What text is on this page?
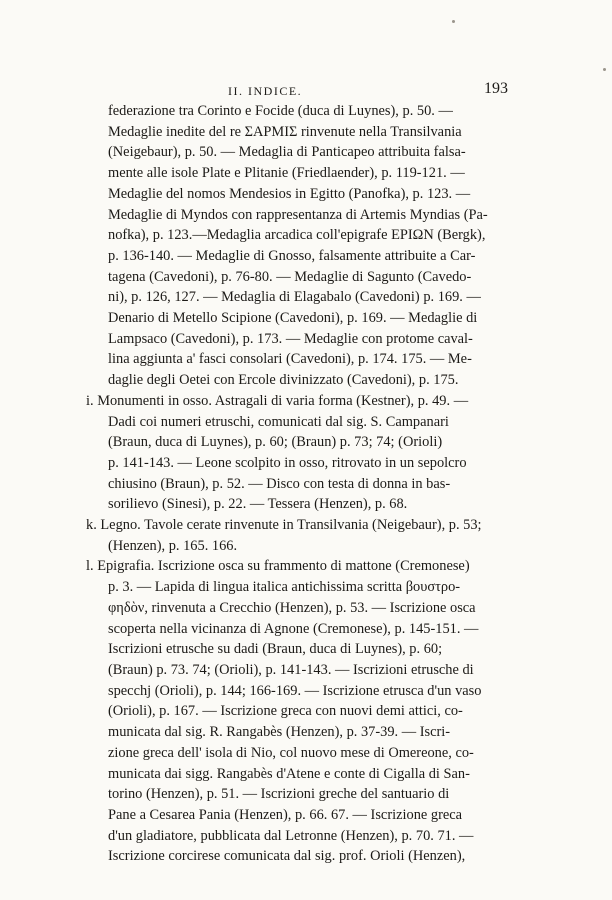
II. INDICE.	193
federazione tra Corinto e Focide (duca di Luynes), p. 50. —
Medaglie inedite del re ΣΑΡΜΙΣ rinvenute nella Transilvania
(Neigebaur), p. 50. — Medaglia di Panticapeo attribuita falsa-
mente alle isole Plate e Plitanie (Friedlaender), p. 119-121. —
Medaglie del nomos Mendesios in Egitto (Panofka), p. 123. —
Medaglie di Myndos con rappresentanza di Artemis Myndias (Pa-
nofka), p. 123.—Medaglia arcadica coll'epigrafe ΕΡΙΩΝ (Bergk),
p. 136-140. — Medaglie di Gnosso, falsamente attribuite a Car-
tagena (Cavedoni), p. 76-80. — Medaglie di Sagunto (Cavedo-
ni), p. 126, 127. — Medaglia di Elagabalo (Cavedoni) p. 169. —
Denario di Metello Scipione (Cavedoni), p. 169. — Medaglie di
Lampsaco (Cavedoni), p. 173. — Medaglie con protome caval-
lina aggiunta a' fasci consolari (Cavedoni), p. 174. 175. — Me-
daglie degli Oetei con Ercole divinizzato (Cavedoni), p. 175.
i. Monumenti in osso. Astragali di varia forma (Kestner), p. 49. —
Dadi coi numeri etruschi, comunicati dal sig. S. Campanari
(Braun, duca di Luynes), p. 60; (Braun) p. 73; 74; (Orioli)
p. 141-143. — Leone scolpito in osso, ritrovato in un sepolcro
chiusino (Braun), p. 52. — Disco con testa di donna in bas-
sorilievo (Sinesi), p. 22. — Tessera (Henzen), p. 68.
k. Legno. Tavole cerate rinvenute in Transilvania (Neigebaur), p. 53;
(Henzen), p. 165. 166.
l. Epigrafia. Iscrizione osca su frammento di mattone (Cremonese)
p. 3. — Lapida di lingua italica antichissima scritta βουστρο-
φηδὸν, rinvenuta a Crecchio (Henzen), p. 53. — Iscrizione osca
scoperta nella vicinanza di Agnone (Cremonese), p. 145-151. —
Iscrizioni etrusche su dadi (Braun, duca di Luynes), p. 60;
(Braun) p. 73. 74; (Orioli), p. 141-143. — Iscrizioni etrusche di
specchj (Orioli), p. 144; 166-169. — Iscrizione etrusca d'un vaso
(Orioli), p. 167. — Iscrizione greca con nuovi demi attici, co-
municata dal sig. R. Rangabès (Henzen), p. 37-39. — Iscri-
zione greca dell' isola di Nio, col nuovo mese di Omereone, co-
municata dai sigg. Rangabès d'Atene e conte di Cigalla di San-
torino (Henzen), p. 51. — Iscrizioni greche del santuario di
Pane a Cesarea Pania (Henzen), p. 66. 67. — Iscrizione greca
d'un gladiatore, pubblicata dal Letronne (Henzen), p. 70. 71. —
Iscrizione corcirese comunicata dal sig. prof. Orioli (Henzen),
